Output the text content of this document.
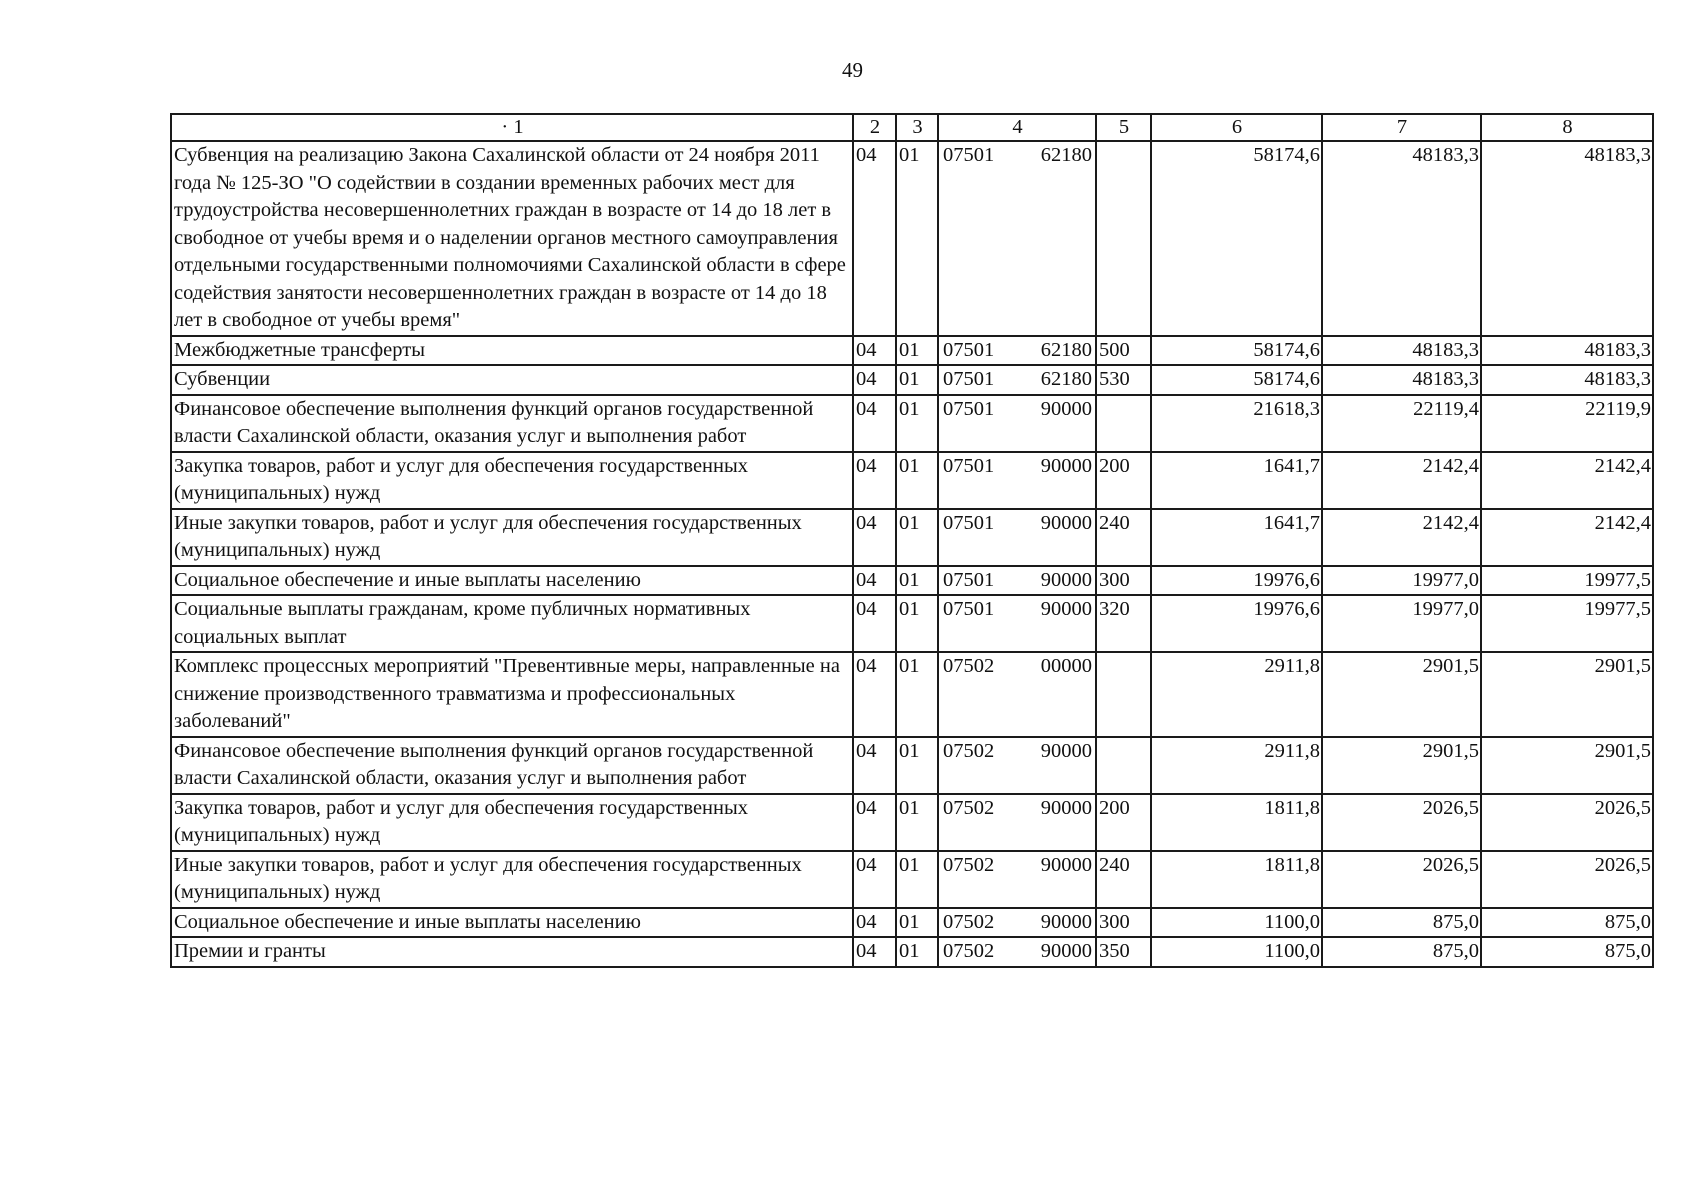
49
· 1	2	3	4	5	6	7	8
Субвенция на реализацию Закона Сахалинской области от 24 ноября 2011 года № 125-ЗО "О содействии в создании временных рабочих мест для трудоустройства несовершеннолетних граждан в возрасте от 14 до 18 лет в свободное от учебы время и о наделении органов местного самоуправления отдельными государственными полномочиями Сахалинской области в сфере содействия занятости несовершеннолетних граждан в возрасте от 14 до 18 лет в свободное от учебы время"	04	01	07501 62180		58174,6	48183,3	48183,3
Межбюджетные трансферты	04	01	07501 62180	500	58174,6	48183,3	48183,3
Субвенции	04	01	07501 62180	530	58174,6	48183,3	48183,3
Финансовое обеспечение выполнения функций органов государственной власти Сахалинской области, оказания услуг и выполнения работ	04	01	07501 90000		21618,3	22119,4	22119,9
Закупка товаров, работ и услуг для обеспечения государственных (муниципальных) нужд	04	01	07501 90000	200	1641,7	2142,4	2142,4
Иные закупки товаров, работ и услуг для обеспечения государственных (муниципальных) нужд	04	01	07501 90000	240	1641,7	2142,4	2142,4
Социальное обеспечение и иные выплаты населению	04	01	07501 90000	300	19976,6	19977,0	19977,5
Социальные выплаты гражданам, кроме публичных нормативных социальных выплат	04	01	07501 90000	320	19976,6	19977,0	19977,5
Комплекс процессных мероприятий "Превентивные меры, направленные на снижение производственного травматизма и профессиональных заболеваний"	04	01	07502 00000		2911,8	2901,5	2901,5
Финансовое обеспечение выполнения функций органов государственной власти Сахалинской области, оказания услуг и выполнения работ	04	01	07502 90000		2911,8	2901,5	2901,5
Закупка товаров, работ и услуг для обеспечения государственных (муниципальных) нужд	04	01	07502 90000	200	1811,8	2026,5	2026,5
Иные закупки товаров, работ и услуг для обеспечения государственных (муниципальных) нужд	04	01	07502 90000	240	1811,8	2026,5	2026,5
Социальное обеспечение и иные выплаты населению	04	01	07502 90000	300	1100,0	875,0	875,0
Премии и гранты	04	01	07502 90000	350	1100,0	875,0	875,0
